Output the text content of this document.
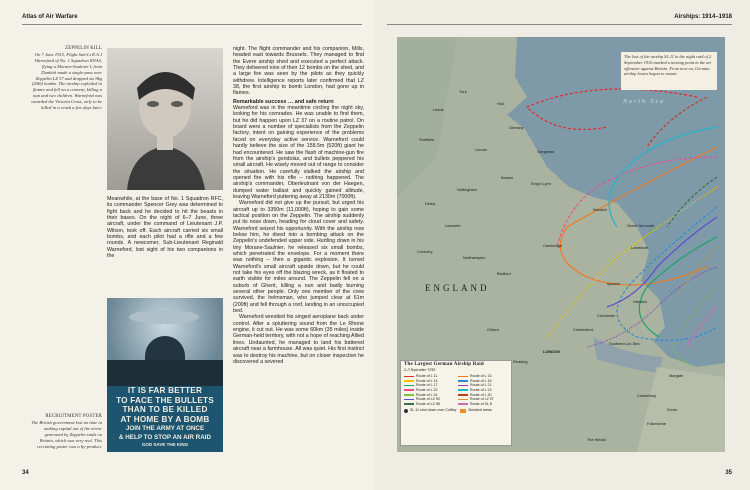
Atlas of Air Warfare
ZEPPELIN KILL
On 7 June 1915, Flight Sub-Lt R.A.J Warneford of No. 1 Squadron RNAS, flying a Morane-Saulnier L from Dunkirk made a single-pass over Zeppelin LZ 37 and dropped six 9kg (20lb) bombs. The airship exploded in flames and fell on a convent, killing a nun and two children. Warneford was awarded the Victoria Cross, only to be killed in a crash a few days later.

Meanwhile, at the base of No. 1 Squadron RFC, its commander Spencer Grey was determined to fight back and he decided to hit the beasts in their bases. On the night of 6–7 June, three aircraft, under the command of Lieutenant J.P. Wilson, took off. Each aircraft carried six small bombs, and each pilot had a rifle and a few rounds. A newcomer, Sub-Lieutenant Reginald Warneford, lost sight of his two companions in the

IT IS FAR BETTER
TO FACE THE BULLETS
THAN TO BE KILLED
AT HOME BY A BOMB
JOIN THE ARMY AT ONCE
& HELP TO STOP AN AIR RAID
GOD SAVE THE KING
RECRUITMENT POSTER
The British government lost no time in making capital out of the terror generated by Zeppelin raids on Britain, which was very real. This recruiting poster was a by-product.

night. The flight commander and his companion, Mills, headed east towards Brussels. They managed to find the Evere airship shed and executed a perfect attack. They delivered nine of their 12 bombs on the shed, and a large fire was seen by the pilots as they quickly withdrew. Intelligence reports later confirmed that LZ 38, the first airship to bomb London, had gone up in flames.

Remarkable success … and safe return

Warneford was in the meantime circling the night sky, looking for his comrades. He was unable to find them, but he did happen upon LZ 37 on a routine patrol. On board were a number of specialists from the Zeppelin factory, intent on gaining experience of the problems faced on everyday active service. Warneford could hardly believe the size of the 158.5m (520ft) giant he had encountered. He saw the flash of machine-gun fire from the airship's gondolas, and bullets peppered his small aircraft. He wisely moved out of range to consider the situation. He carefully stalked the airship and opened fire with his rifle – nothing happened. The airship's commander, Oberleutnant von der Haegen, dumped water ballast and quickly gained altitude, leaving Warneford puttering away at 2130m (7000ft).

Warneford did not give up the pursuit, but urged his aircraft up to 3350m (11,000ft), hoping to gain some tactical position on the Zeppelin. The airship suddenly put its nose down, heading for cloud cover and safety. Warneford seized his opportunity. With the airship now below him, he dived into a bombing attack on the Zeppelin's undefended upper side. Hurtling down in his tiny Morane-Saulnier, he released six small bombs, which penetrated the envelope. For a moment there was nothing – then a gigantic explosion. It turned Warneford's small aircraft upside down, but he could not take his eyes off the blazing wreck, as it floated to earth visible for miles around. The Zeppelin fell on a suburb of Ghent, killing a nun and badly burning several other people. Only one member of the crew survived, the helmsman, who jumped clear at 61m (200ft) and fell through a roof, landing in an unoccupied bed.

Warneford wrestled his singed aeroplane back under control. After a spluttering sound from the Le Rhone engine, it cut out. He was some 60km (35 miles) inside German-held territory, with not a hope of reaching Allied lines. Undaunted, he managed to land his battered aircraft near a farmhouse. All was quiet. His first instinct was to destroy his machine, but on closer inspection he discovered a severed

34
Airships: 1914–1918
35
North Sea
ENGLAND
Hull
York
Leeds
Grimsby
Lincoln
Sheffield
Nottingham
Skegness
King's Lynn
Boston
Norwich
Great Yarmouth
Lowestoft
Derby
Leicester
Coventry
Northampton
Bedford
Cambridge
Ipswich
Harwich
Colchester
Chelmsford
Southend-on-Sea
LONDON
Margate
Dover
Folkestone
Canterbury
The Weald
Reading
Oxford
The loss of the airship SL.11 in the night raid of 2 September 1916 marked a turning point in the air offensive against Britain. From now on, German airship losses began to mount.
The Largest German Airship Raid
2–3 September 1916
Route of L 11	Route of L 13
Route of L 14	Route of L 16
Route of L 17	Route of L 21
Route of L 22	Route of L 23
Route of L 24	Route of L 30
Route of LZ 90	Route of LZ 97
Route of LZ 98	Route of SL 8
SL 11 shot down over Cuffley	Bombed areas
